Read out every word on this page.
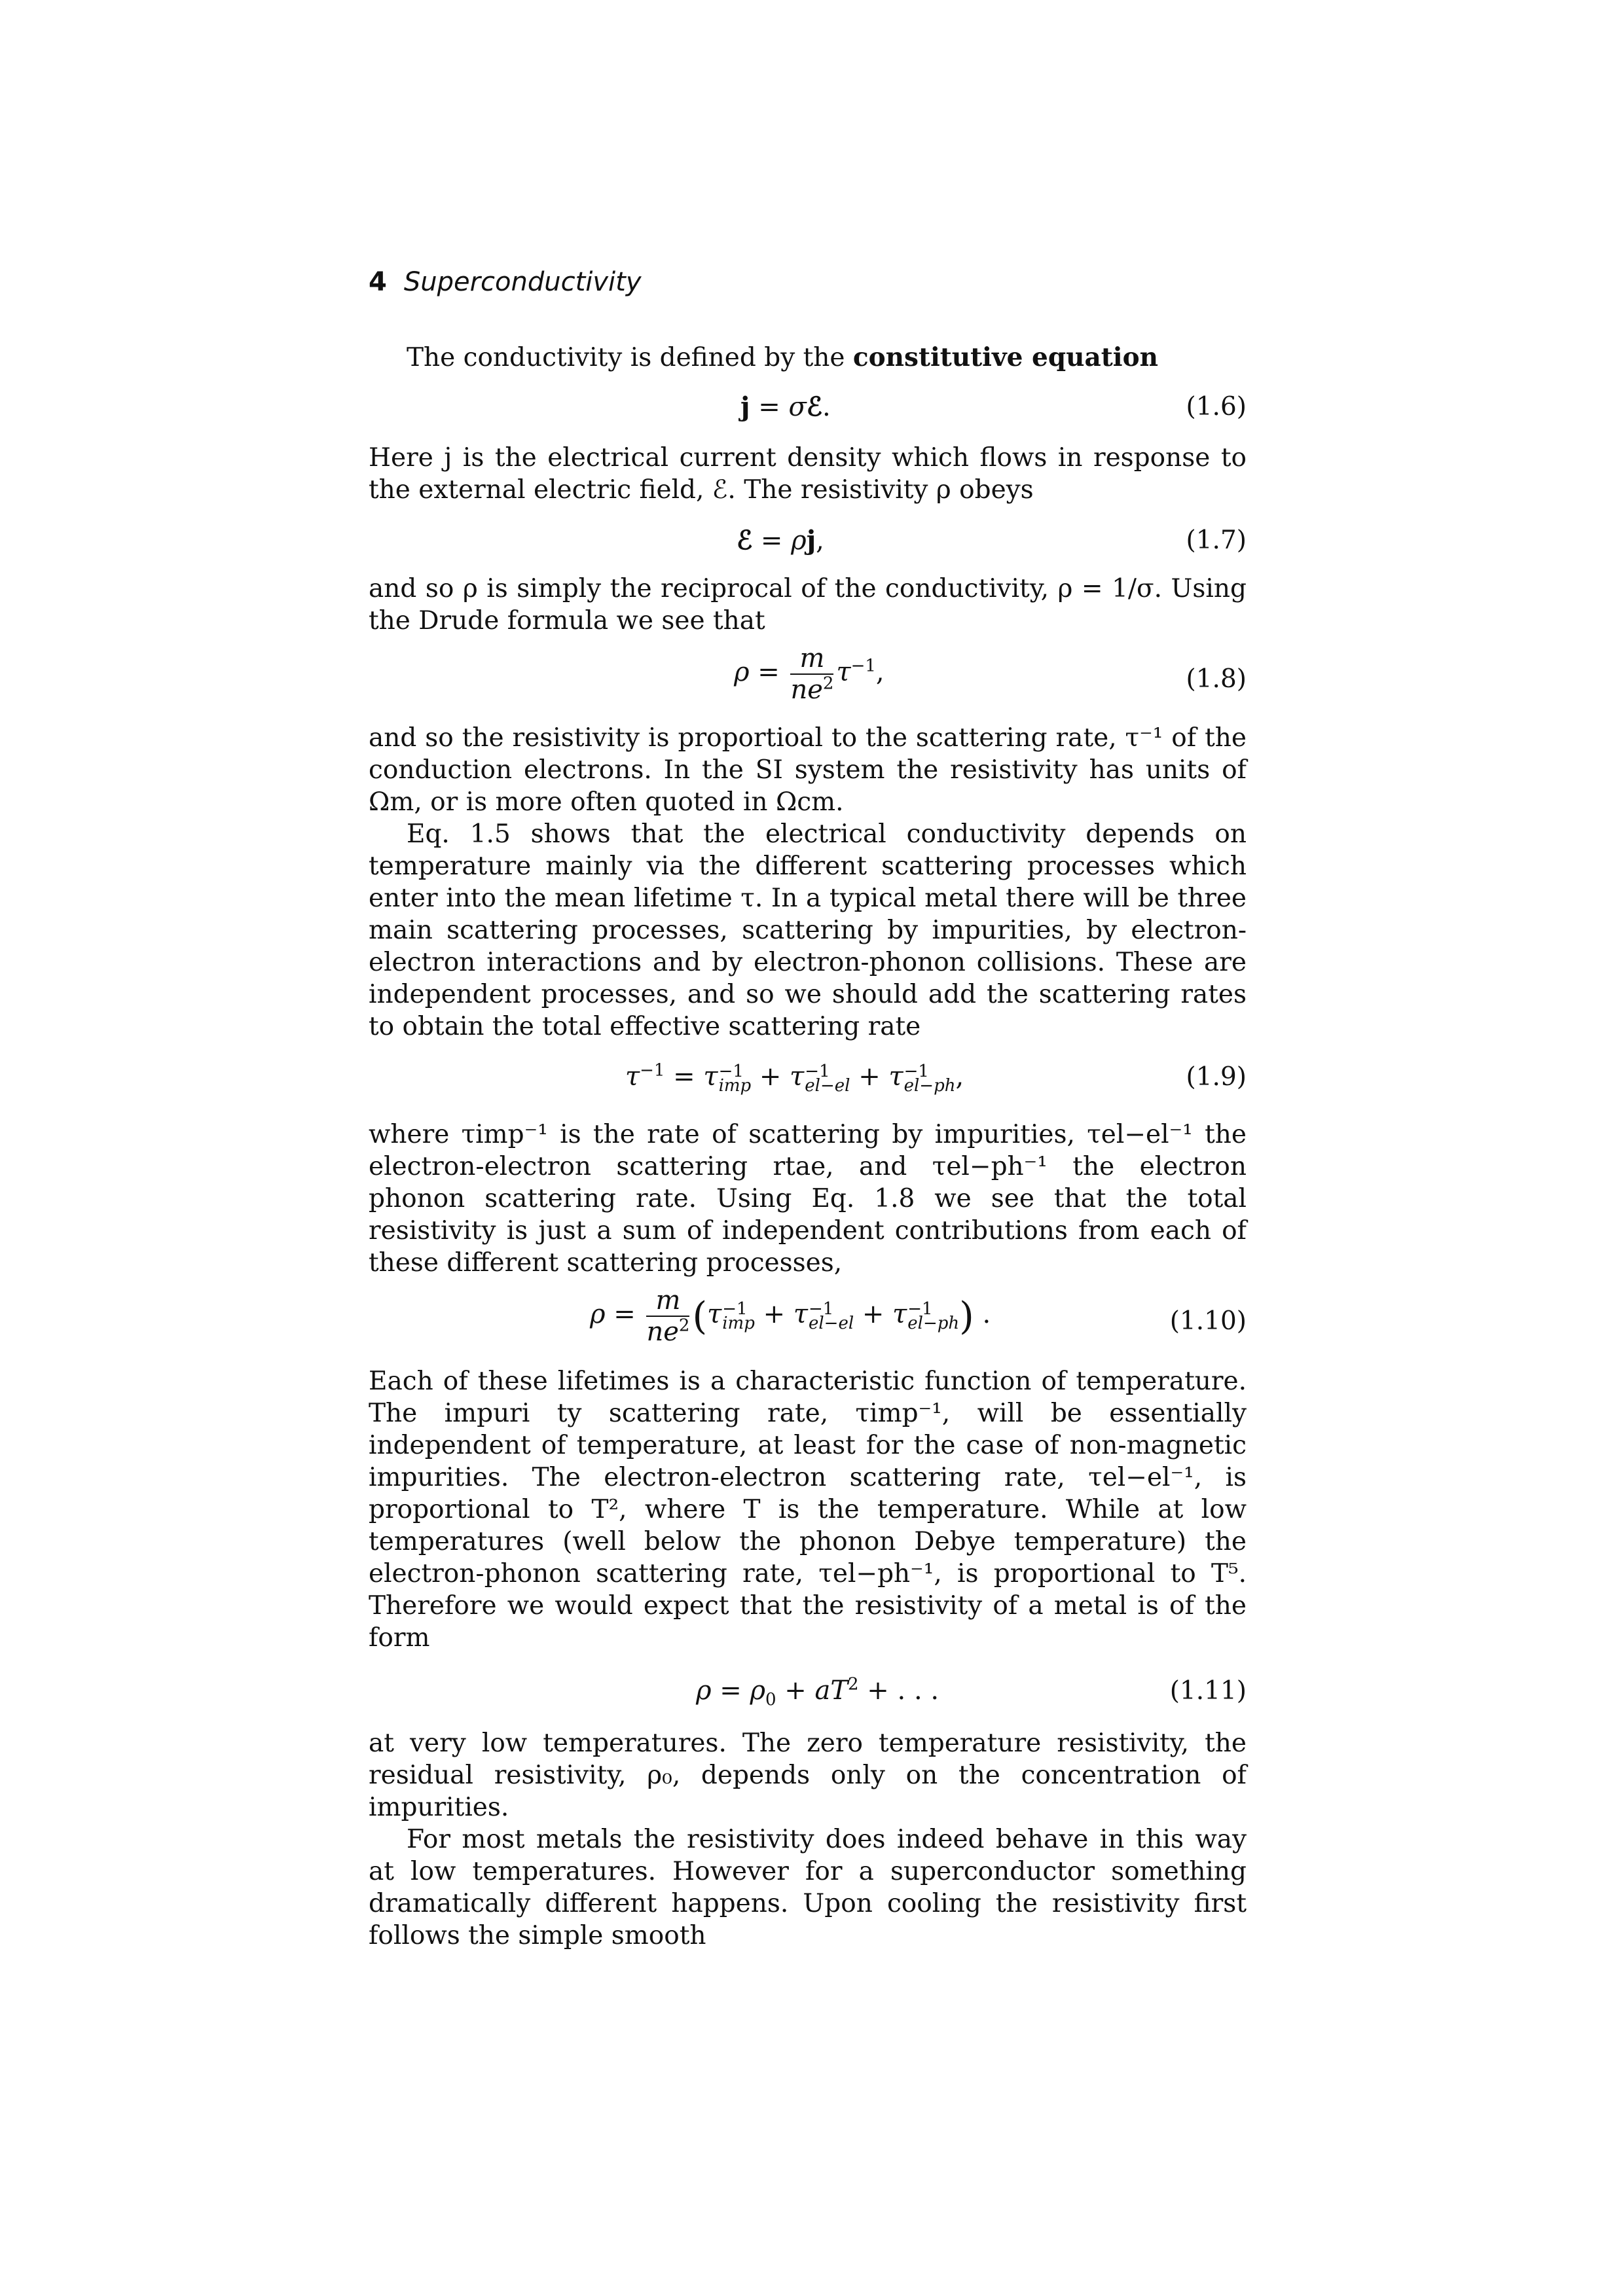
4 Superconductivity

The conductivity is defined by the constitutive equation

j = σℰ.	(1.6)

Here j is the electrical current density which flows in response to the external electric field, ℰ. The resistivity ρ obeys

ℰ = ρj,	(1.7)

and so ρ is simply the reciprocal of the conductivity, ρ = 1/σ. Using the Drude formula we see that

$\rho = \frac{m}{ne^2} \tau^{-1}$,	(1.8)

and so the resistivity is proportioal to the scattering rate, τ⁻¹ of the conduction electrons. In the SI system the resistivity has units of Ωm, or is more often quoted in Ωcm.

Eq. 1.5 shows that the electrical conductivity depends on temperature mainly via the different scattering processes which enter into the mean lifetime τ. In a typical metal there will be three main scattering processes, scattering by impurities, by electron-electron interactions and by electron-phonon collisions. These are independent processes, and so we should add the scattering rates to obtain the total effective scattering rate

$\tau^{-1} = \tau -1$
imp + τ −1
el−el + τ −1
el−ph ,	(1.9)

where τimp⁻¹ is the rate of scattering by impurities, τel−el⁻¹ the electron-electron scattering rtae, and τel−ph⁻¹ the electron phonon scattering rate. Using Eq. 1.8 we see that the total resistivity is just a sum of independent contributions from each of these different scattering processes,

$\rho = \frac{m}{ne^2} (\tau -1$
imp + τ −1
el−el + τ −1
el−ph ) .	(1.10)

Each of these lifetimes is a characteristic function of temperature. The impuri ty scattering rate, τimp⁻¹, will be essentially independent of temperature, at least for the case of non-magnetic impurities. The electron-electron scattering rate, τel−el⁻¹, is proportional to T², where T is the temperature. While at low temperatures (well below the phonon Debye temperature) the electron-phonon scattering rate, τel−ph⁻¹, is proportional to T⁵. Therefore we would expect that the resistivity of a metal is of the form

$\rho = \rho_0 + aT^2$ + . . .	(1.11)

at very low temperatures. The zero temperature resistivity, the residual resistivity, ρ₀, depends only on the concentration of impurities.

For most metals the resistivity does indeed behave in this way at low temperatures. However for a superconductor something dramatically different happens. Upon cooling the resistivity first follows the simple smooth
